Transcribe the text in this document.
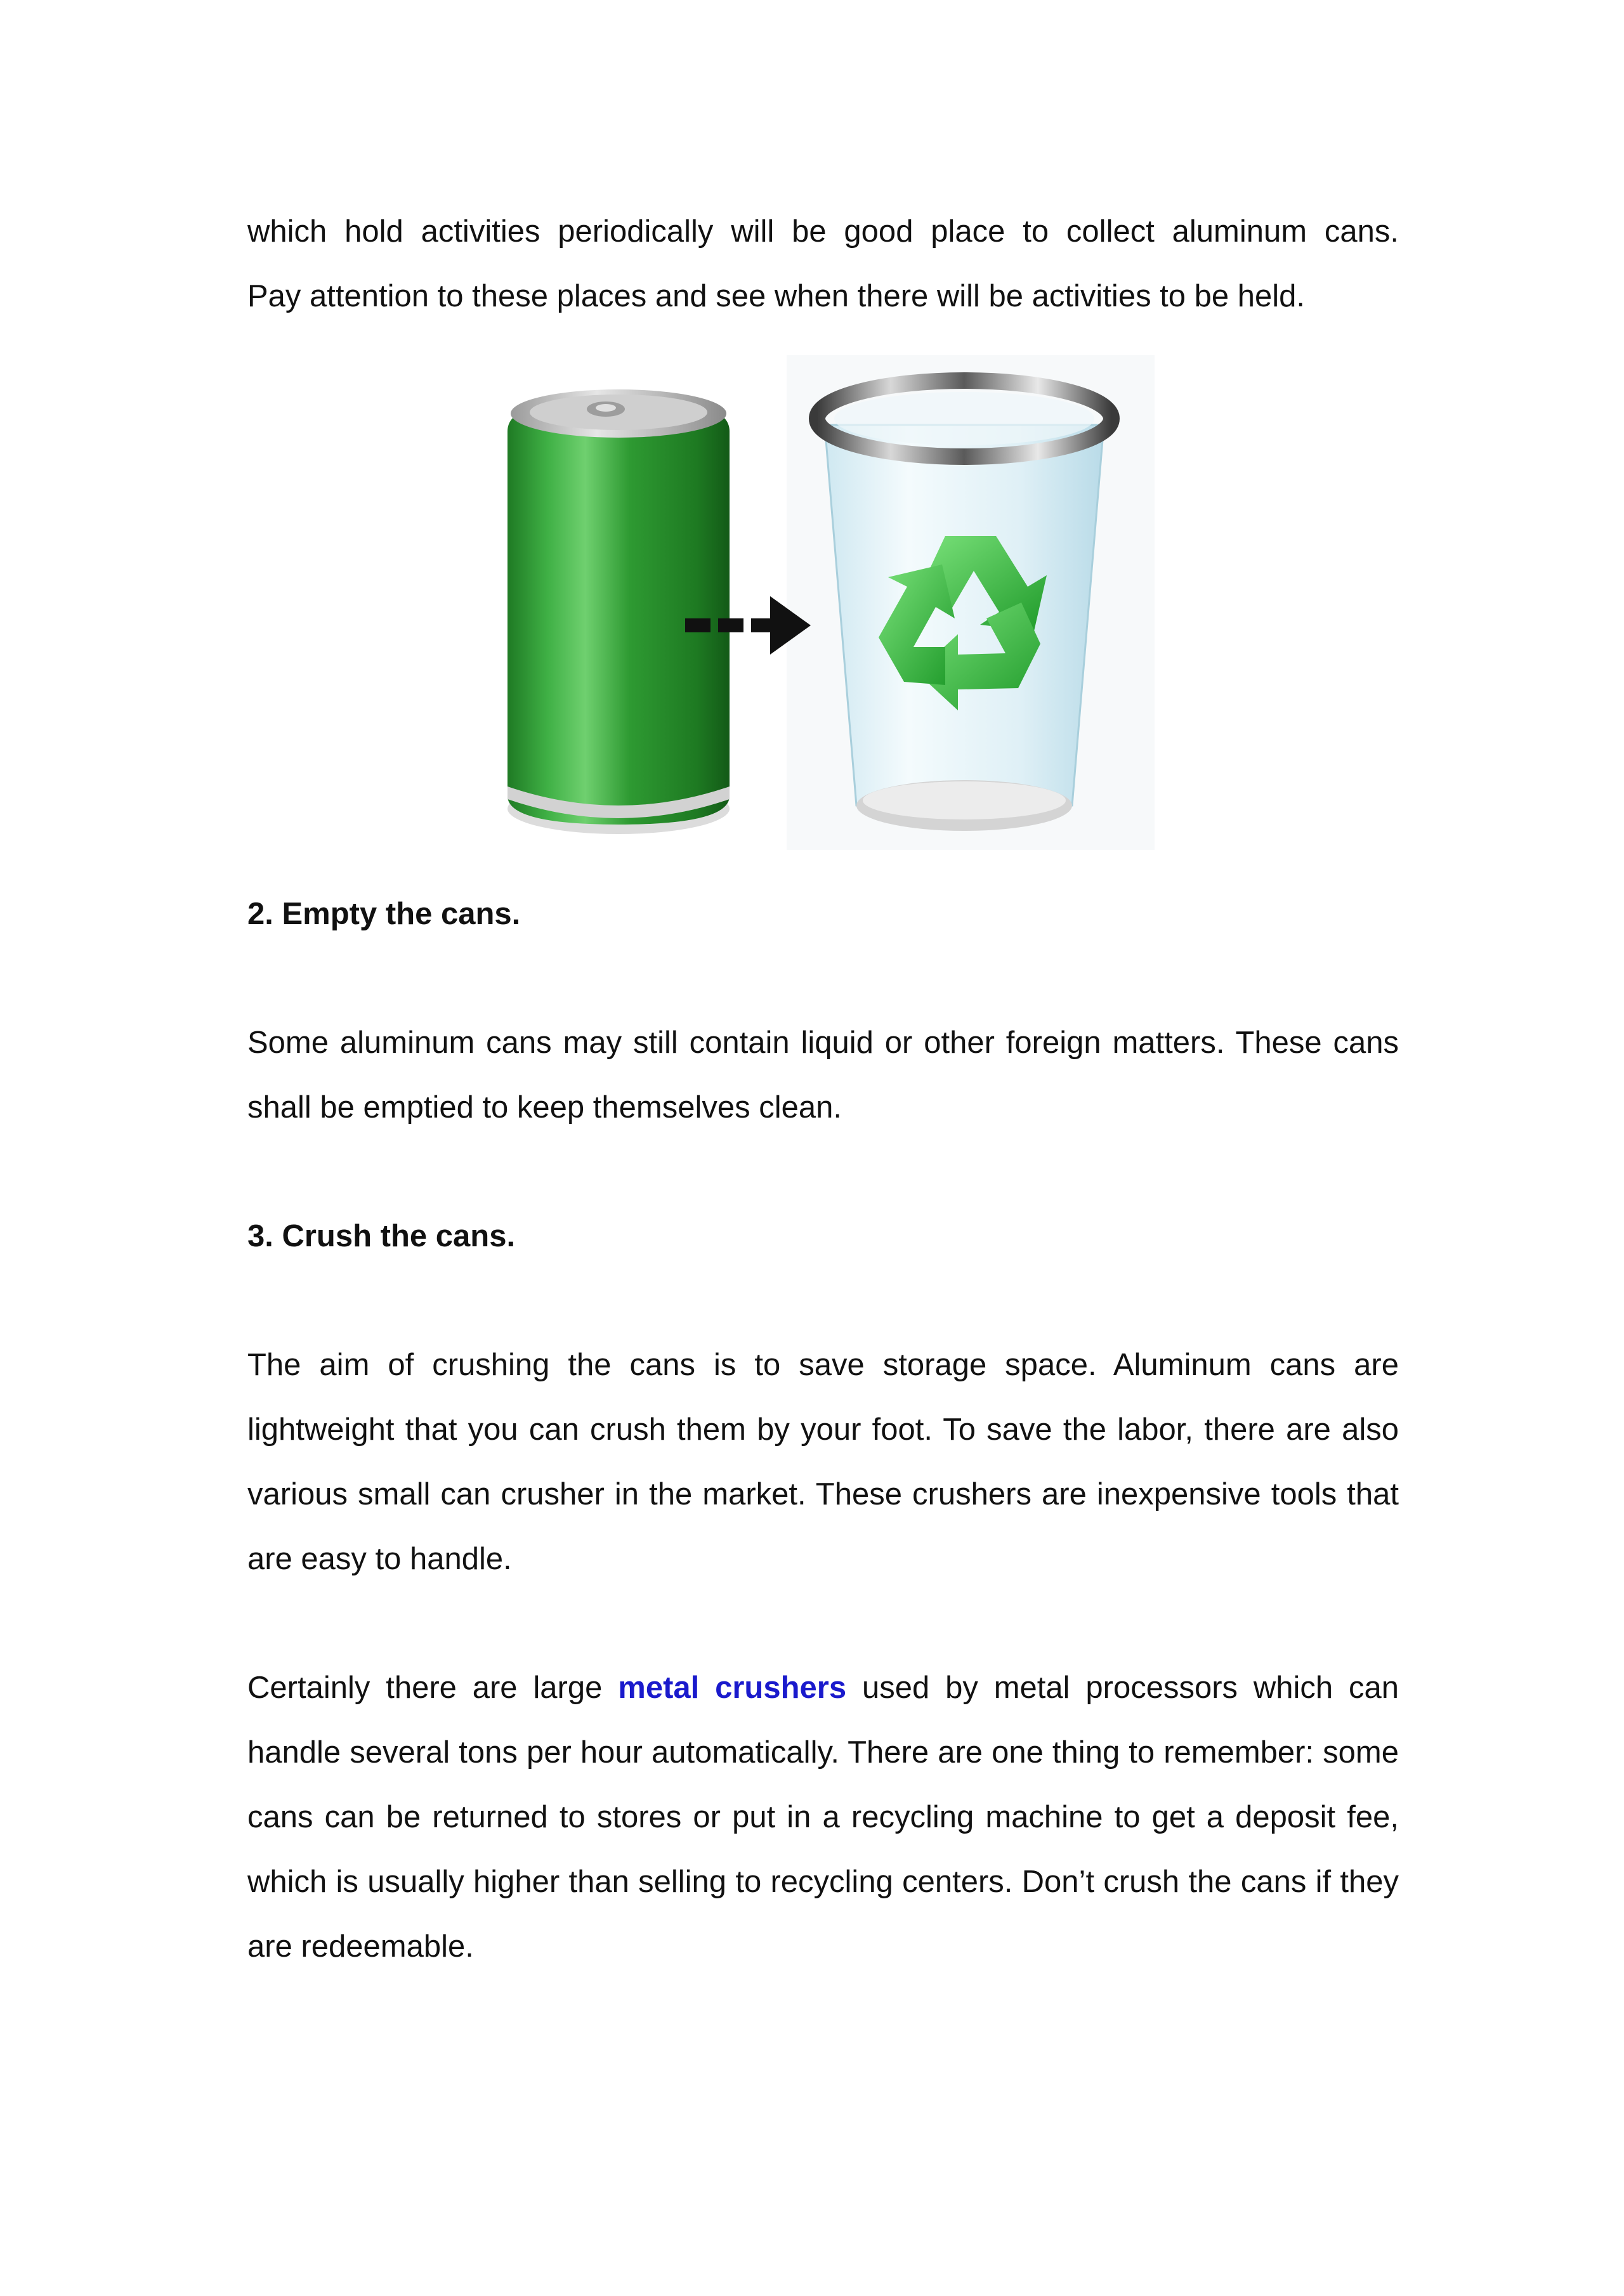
which hold activities periodically will be good place to collect aluminum cans.

Pay attention to these places and see when there will be activities to be held.

2. Empty the cans.

Some aluminum cans may still contain liquid or other foreign matters. These cans shall be emptied to keep themselves clean.

3. Crush the cans.

The aim of crushing the cans is to save storage space. Aluminum cans are lightweight that you can crush them by your foot. To save the labor, there are also various small can crusher in the market. These crushers are inexpensive tools that are easy to handle.

Certainly there are large metal crushers used by metal processors which can handle several tons per hour automatically. There are one thing to remember: some cans can be returned to stores or put in a recycling machine to get a deposit fee, which is usually higher than selling to recycling centers. Don’t crush the cans if they are redeemable.
